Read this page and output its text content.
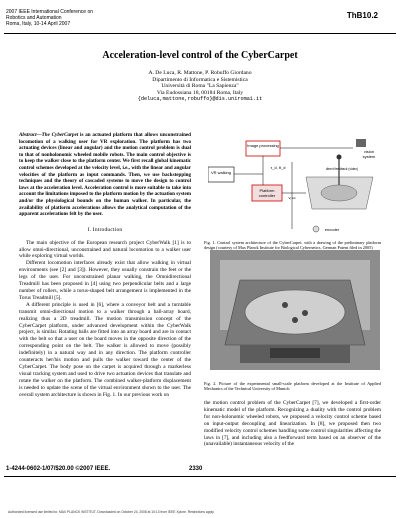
2007 IEEE International Conference on
Robotics and Automation
Roma, Italy, 10-14 April 2007
ThB10.2
Acceleration-level control of the CyberCarpet
A. De Luca, R. Mattone, P. Robuffo Giordano
Dipartimento di Informatica e Sistemistica
Università di Roma "La Sapienza"
Via Eudossiana 18, 00184 Roma, Italy
{deluca,mattone,robuffo}@dis.uniroma1.it
Abstract—The CyberCarpet is an actuated platform that allows unconstrained locomotion of a walking user for VR exploration. The platform has two actuating devices (linear and angular) and the motion control problem is dual to that of nonholonomic wheeled mobile robots. The main control objective is to keep the walker close to the platform center. We first recall global kinematic control schemes developed at the velocity level, i.e., with the linear and angular velocities of the platform as input commands. Then, we use backstepping techniques and the theory of cascaded systems to move the design to control laws at the acceleration level. Acceleration control is more suitable to take into account the limitations imposed to the platform motion by the actuation system and/or the physiological bounds on the human walker. In particular, the availability of platform accelerations allows the analytical computation of the apparent accelerations felt by the user.
I. Introduction

The main objective of the European research project CyberWalk [1] is to allow omni-directional, unconstrained and natural locomotion to a walker user while exploring virtual worlds.

Different locomotion interfaces already exist that allow walking in virtual environments (see [2] and [3]). However, they usually constrain the feet or the legs of the user. For unconstrained planar walking, the Omnidirectional Treadmill has been proposed in [4] using two perpendicular belts and a large number of rollers, while a torus-shaped belt arrangement is implemented in the Torus Treadmill [5].

A different principle is used in [6], where a conveyor belt and a turntable transmit omni-directional motion to a walker through a ball-array board, realizing thus a 2D treadmill. The motion transmission concept of the CyberCarpet platform, under advanced development within the CyberWalk project, is similar. Rotating balls are fitted into an array board and are in contact with the belt so that a user on the board moves in the opposite direction of the corresponding point on the belt. The walker is allowed to move (possibly indefinitely) in a natural way and in any direction. The platform controller counteracts her/his motion and pulls the walker toward the center of the CyberCarpet. The body pose on the carpet is acquired through a markerless visual tracking system and used to drive two actuation devices that translate and rotate the walker on the platform. The combined walker-platform displacement is needed to update the scene of the virtual environment shown to the user. The overall system architecture is shown in Fig. 1. In our previous work on

Image processing
VR walking
Platform controller
vision system
τ_d, θ_d
v, ω
encoder
direct feedback (video)
Fig. 1. Control system architecture of the CyberCarpet, with a drawing of the preliminary platform design (courtesy of Max Planck Institute for Biological Cybernetics, German Patent filed in 2005)
Fig. 2. Picture of the experimental small-scale platform developed at the Institute of Applied Mechanics of the Technical University of Munich

the motion control problem of the CyberCarpet [7], we developed a first-order kinematic model of the platform. Recognizing a duality with the control problem for non-holonomic wheeled robots, we proposed a velocity control scheme based on input-output decoupling and linearization. In [8], we proposed then two modified velocity control schemes handling some control singularities affecting the laws in [7], and including also a feedforward term based on an observer of the (unavailable) instantaneous velocity of the

1-4244-0602-1/07/$20.00 ©2007 IEEE.	2330
Authorized licensed use limited to: MAX PLANCK INSTITUT. Downloaded on October 24, 2008 at 10:13 from IEEE Xplore. Restrictions apply.
